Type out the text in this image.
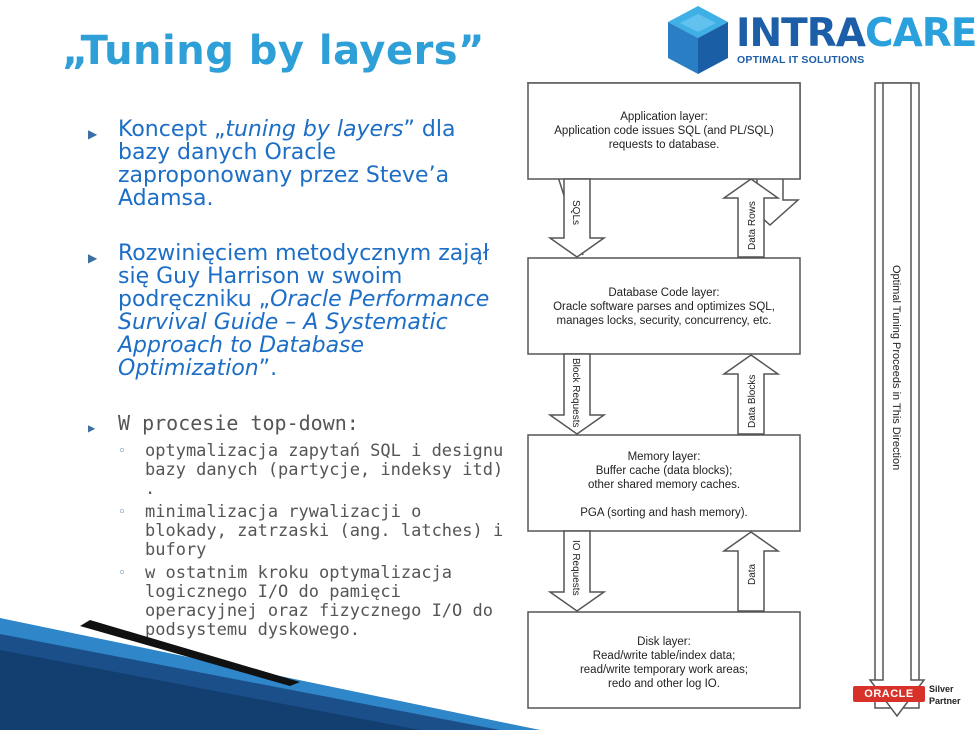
„Tuning by layers”	INTRACARE
OPTIMAL IT SOLUTIONS
▶ Koncept „tuning by layers” dla bazy danych Oracle zaproponowany przez Steve’a Adamsa.
▶ Rozwinięciem metodycznym zajął się Guy Harrison w swoim podręczniku „Oracle Performance Survival Guide – A Systematic Approach to Database Optimization”.
▶ W procesie top-down:
◦ optymalizacja zapytań SQL i designu bazy danych (partycje, indeksy itd) .
◦ minimalizacja rywalizacji o blokady, zatrzaski (ang. latches) i bufory
◦ w ostatnim kroku optymalizacja logicznego I/O do pamięci operacyjnej oraz fizycznego I/O do podsystemu dyskowego.
Application layer: Application code issues SQL (and PL/SQL) requests to database.
Database Code layer: Oracle software parses and optimizes SQL, manages locks, security, concurrency, etc.
Memory layer: Buffer cache (data blocks); other shared memory caches. PGA (sorting and hash memory).
Disk layer: Read/write table/index data; read/write temporary work areas; redo and other log IO.
SQLs	Data Rows
Block Requests	Data Blocks
IO Requests	Data
Optimal Tuning Proceeds in This Direction
ORACLE	Silver
Partner
